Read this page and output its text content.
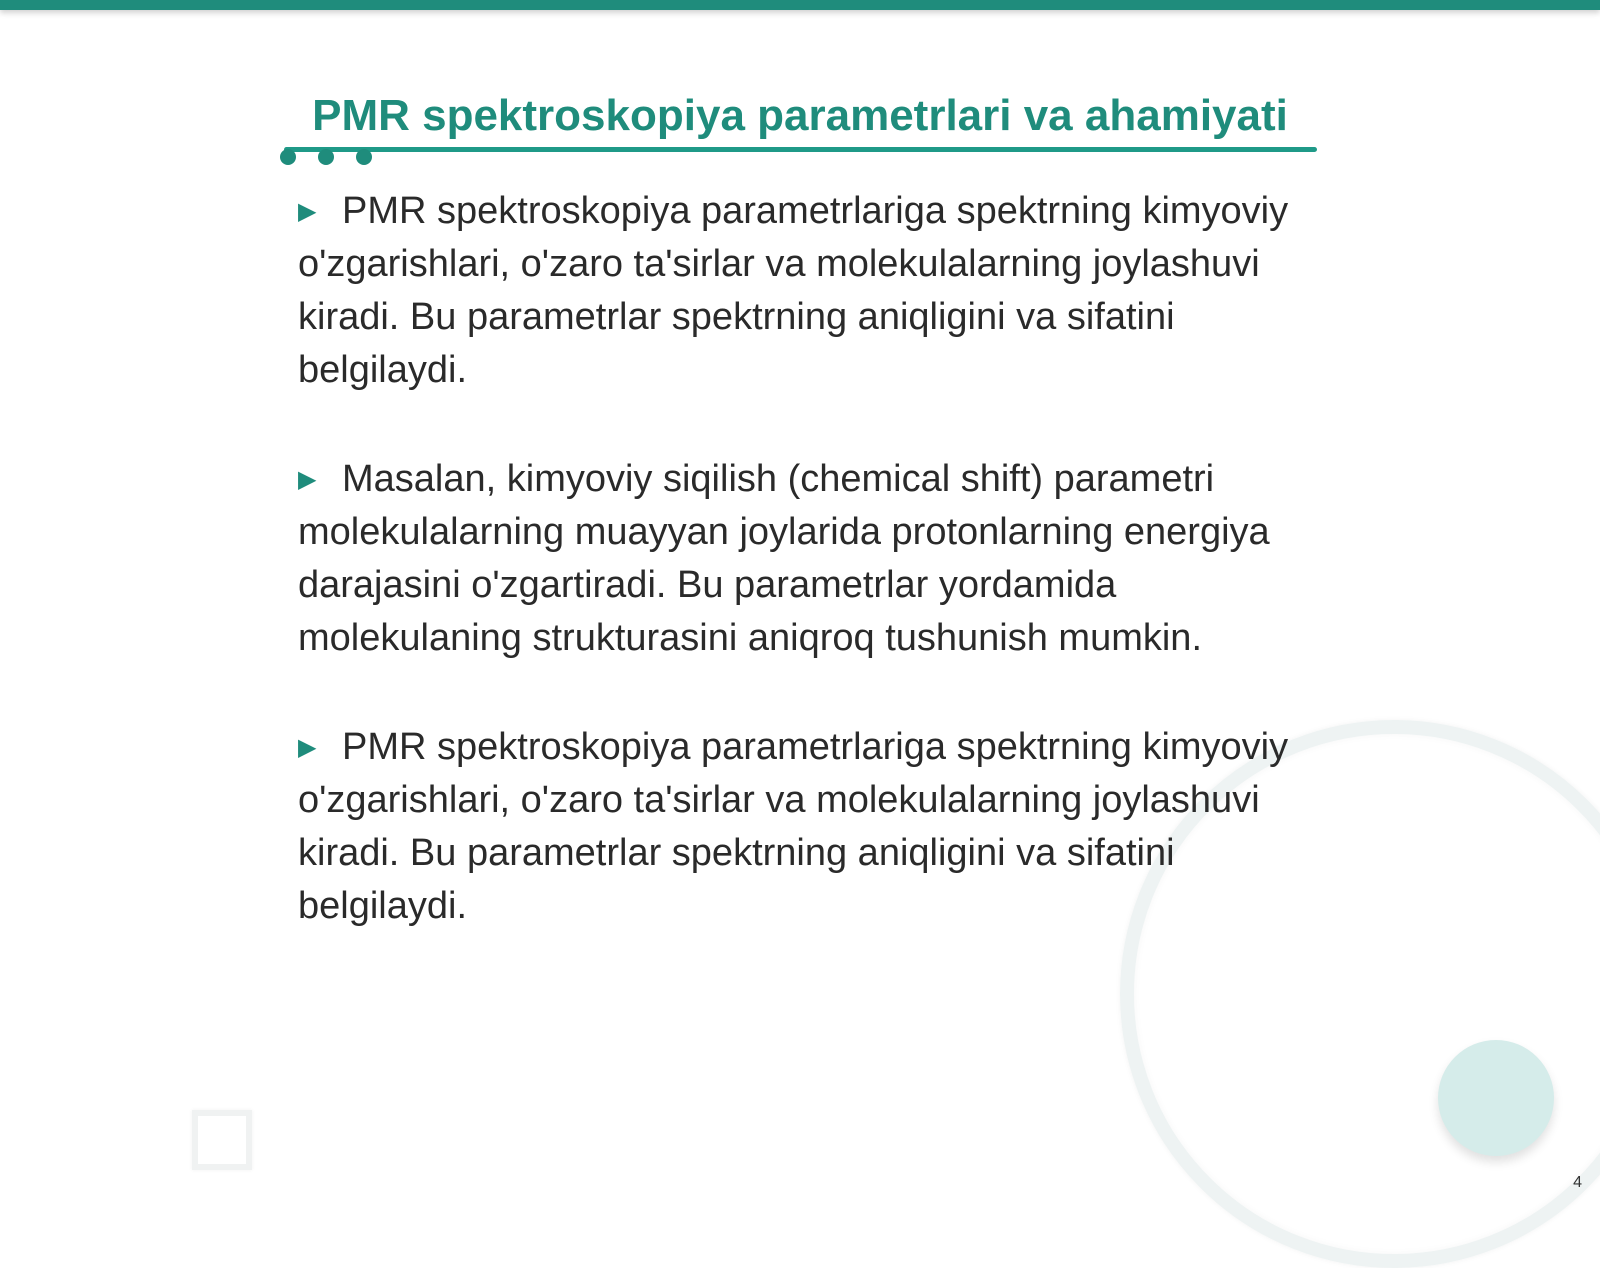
PMR spektroskopiya parametrlari va ahamiyati
▶ PMR spektroskopiya parametrlariga spektrning kimyoviy o'zgarishlari, o'zaro ta'sirlar va molekulalarning joylashuvi kiradi. Bu parametrlar spektrning aniqligini va sifatini belgilaydi.
▶ Masalan, kimyoviy siqilish (chemical shift) parametri molekulalarning muayyan joylarida protonlarning energiya darajasini o'zgartiradi. Bu parametrlar yordamida molekulaning strukturasini aniqroq tushunish mumkin.
▶ PMR spektroskopiya parametrlariga spektrning kimyoviy o'zgarishlari, o'zaro ta'sirlar va molekulalarning joylashuvi kiradi. Bu parametrlar spektrning aniqligini va sifatini belgilaydi.
4
